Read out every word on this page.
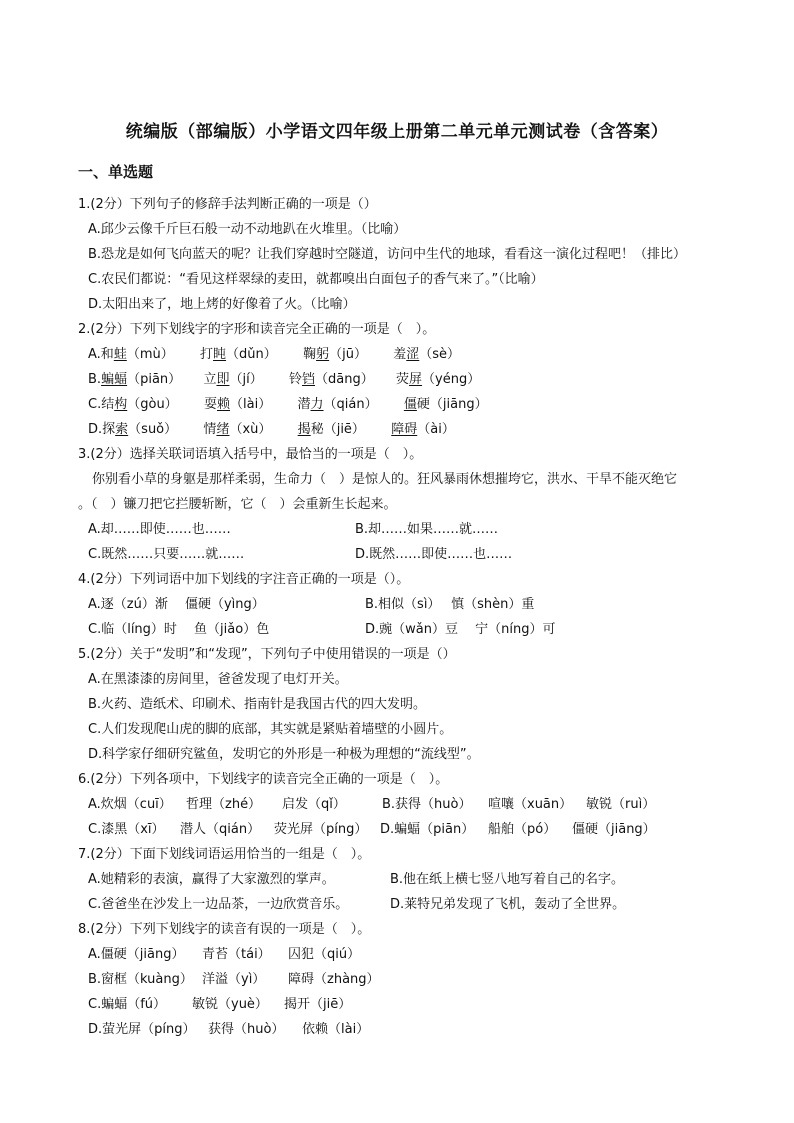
统编版（部编版）小学语文四年级上册第二单元单元测试卷（含答案）
一、单选题
1.(2分）下列句子的修辞手法判断正确的一项是（）
A.邱少云像千斤巨石般一动不动地趴在火堆里。（比喻）
B.恐龙是如何飞向蓝天的呢？让我们穿越时空隧道，访问中生代的地球，看看这一演化过程吧！（排比）
C.农民们都说：“看见这样翠绿的麦田，就都嗅出白面包子的香气来了。”（比喻）
D.太阳出来了，地上烤的好像着了火。（比喻）
2.(2分）下列下划线字的字形和读音完全正确的一项是（　）。
A.和蛙（mù） 打盹（dǔn） 鞠躬（jū） 羞涩（sè）
B.蝙蝠（piān） 立即（jí） 铃铛（dāng） 荧屏（yéng）
C.结构（gòu） 耍赖（lài） 潜力（qián） 僵硬（jiāng）
D.探索（suǒ） 情绪（xù） 揭秘（jiē） 障碍（ài）
3.(2分）选择关联词语填入括号中，最恰当的一项是（　）。
你别看小草的身躯是那样柔弱，生命力（　）是惊人的。狂风暴雨休想摧垮它，洪水、干旱不能灭绝它
。（　）镰刀把它拦腰斩断，它（　）会重新生长起来。
A.却……即使……也……	B.却……如果……就……
C.既然……只要……就……	D.既然……即使……也……
4.(2分）下列词语中加下划线的字注音正确的一项是（）。
A.逐（zú）渐　 僵硬（yìng）	B.相似（sì）　 慎（shèn）重
C.临（líng）时　 鱼（jiǎo）色	D.豌（wǎn）豆　 宁（níng）可
5.(2分）关于“发明”和“发现”，下列句子中使用错误的一项是（）
A.在黑漆漆的房间里，爸爸发现了电灯开关。
B.火药、造纸术、印刷术、指南针是我国古代的四大发明。
C.人们发现爬山虎的脚的底部，其实就是紧贴着墙壁的小圆片。
D.科学家仔细研究鲨鱼，发明它的外形是一种极为理想的“流线型”。
6.(2分）下列各项中，下划线字的读音完全正确的一项是（　）。
A.炊烟（cuī） 哲理（zhé） 启发（qǐ）	B.获得（huò） 喧嚷（xuān） 敏锐（ruì）
C.漆黑（xī） 潜人（qián） 荧光屏（píng） D.蝙蝠（piān） 船舶（pó） 僵硬（jiāng）
7.(2分）下面下划线词语运用恰当的一组是（　）。
A.她精彩的表演，赢得了大家激烈的掌声。	B.他在纸上横七竖八地写着自己的名字。
C.爸爸坐在沙发上一边品茶，一边欣赏音乐。	D.莱特兄弟发现了飞机，轰动了全世界。
8.(2分）下列下划线字的读音有误的一项是（　）。
A.僵硬（jiāng） 青苔（tái） 囚犯（qiú）
B.窗框（kuàng） 洋溢（yì） 障碍（zhàng）
C.蝙蝠（fú） 敏锐（yuè） 揭开（jiē）
D.萤光屏（píng） 获得（huò） 依赖（lài）
